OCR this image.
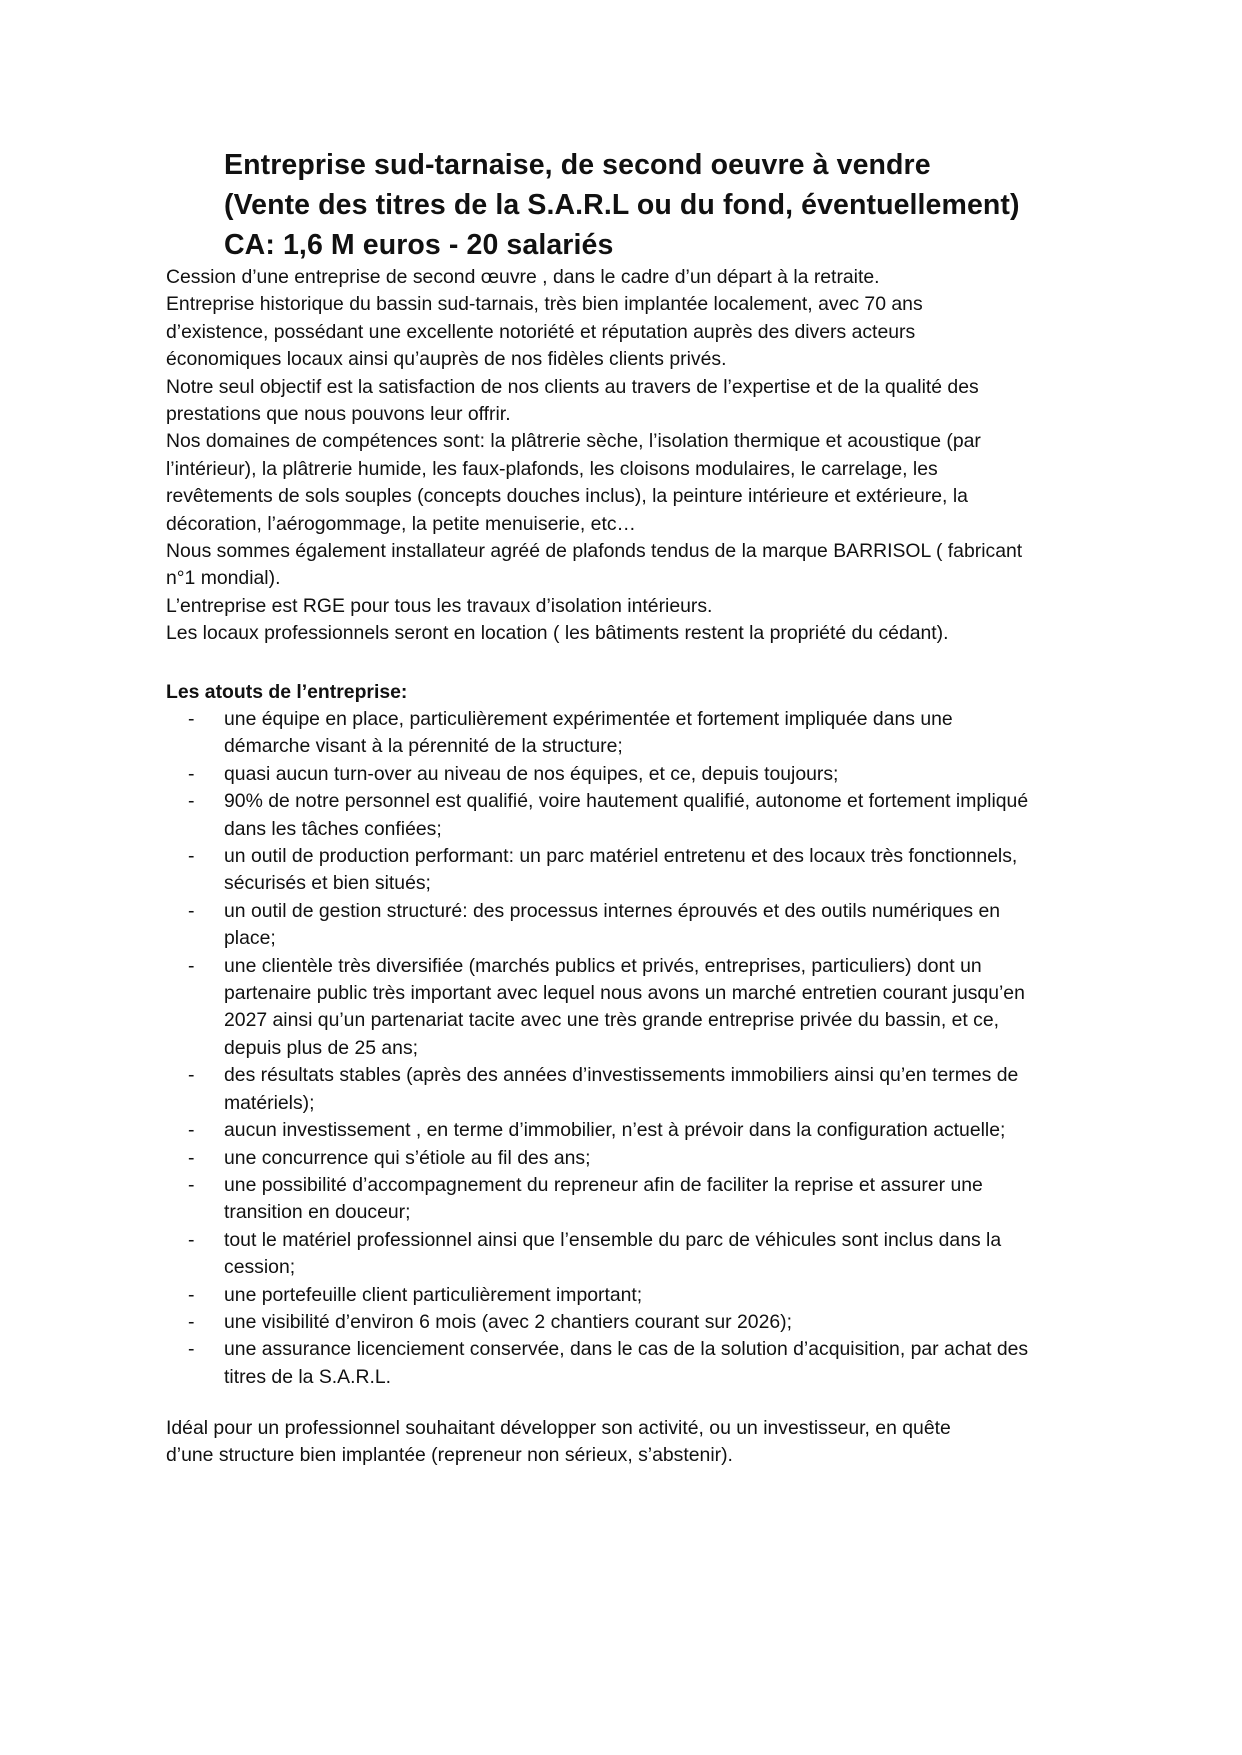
Entreprise sud-tarnaise, de second oeuvre à vendre
(Vente des titres de la S.A.R.L ou du fond, éventuellement)
CA: 1,6 M euros - 20 salariés
Cession d’une entreprise de second œuvre , dans le cadre d’un départ à la retraite.
Entreprise historique du bassin sud-tarnais, très bien implantée localement, avec 70 ans
d’existence, possédant une excellente notoriété et réputation auprès des divers acteurs
économiques locaux ainsi qu’auprès de nos fidèles clients privés.
Notre seul objectif est la satisfaction de nos clients au travers de l’expertise et de la qualité des
prestations que nous pouvons leur offrir.
Nos domaines de compétences sont: la plâtrerie sèche, l’isolation thermique et acoustique (par
l’intérieur), la plâtrerie humide, les faux-plafonds, les cloisons modulaires, le carrelage, les
revêtements de sols souples (concepts douches inclus), la peinture intérieure et extérieure, la
décoration, l’aérogommage, la petite menuiserie, etc…
Nous sommes également installateur agréé de plafonds tendus de la marque BARRISOL ( fabricant
n°1 mondial).
L’entreprise est RGE pour tous les travaux d’isolation intérieurs.
Les locaux professionnels seront en location ( les bâtiments restent la propriété du cédant).
Les atouts de l’entreprise:
- une équipe en place, particulièrement expérimentée et fortement impliquée dans une
démarche visant à la pérennité de la structure;
- quasi aucun turn-over au niveau de nos équipes, et ce, depuis toujours;
- 90% de notre personnel est qualifié, voire hautement qualifié, autonome et fortement impliqué
dans les tâches confiées;
- un outil de production performant: un parc matériel entretenu et des locaux très fonctionnels,
sécurisés et bien situés;
- un outil de gestion structuré: des processus internes éprouvés et des outils numériques en
place;
- une clientèle très diversifiée (marchés publics et privés, entreprises, particuliers) dont un
partenaire public très important avec lequel nous avons un marché entretien courant jusqu’en
2027 ainsi qu’un partenariat tacite avec une très grande entreprise privée du bassin, et ce,
depuis plus de 25 ans;
- des résultats stables (après des années d’investissements immobiliers ainsi qu’en termes de
matériels);
- aucun investissement , en terme d’immobilier, n’est à prévoir dans la configuration actuelle;
- une concurrence qui s’étiole au fil des ans;
- une possibilité d’accompagnement du repreneur afin de faciliter la reprise et assurer une
transition en douceur;
- tout le matériel professionnel ainsi que l’ensemble du parc de véhicules sont inclus dans la
cession;
- une portefeuille client particulièrement important;
- une visibilité d’environ 6 mois (avec 2 chantiers courant sur 2026);
- une assurance licenciement conservée, dans le cas de la solution d’acquisition, par achat des
titres de la S.A.R.L.
Idéal pour un professionnel souhaitant développer son activité, ou un investisseur, en quête
d’une structure bien implantée (repreneur non sérieux, s’abstenir).
